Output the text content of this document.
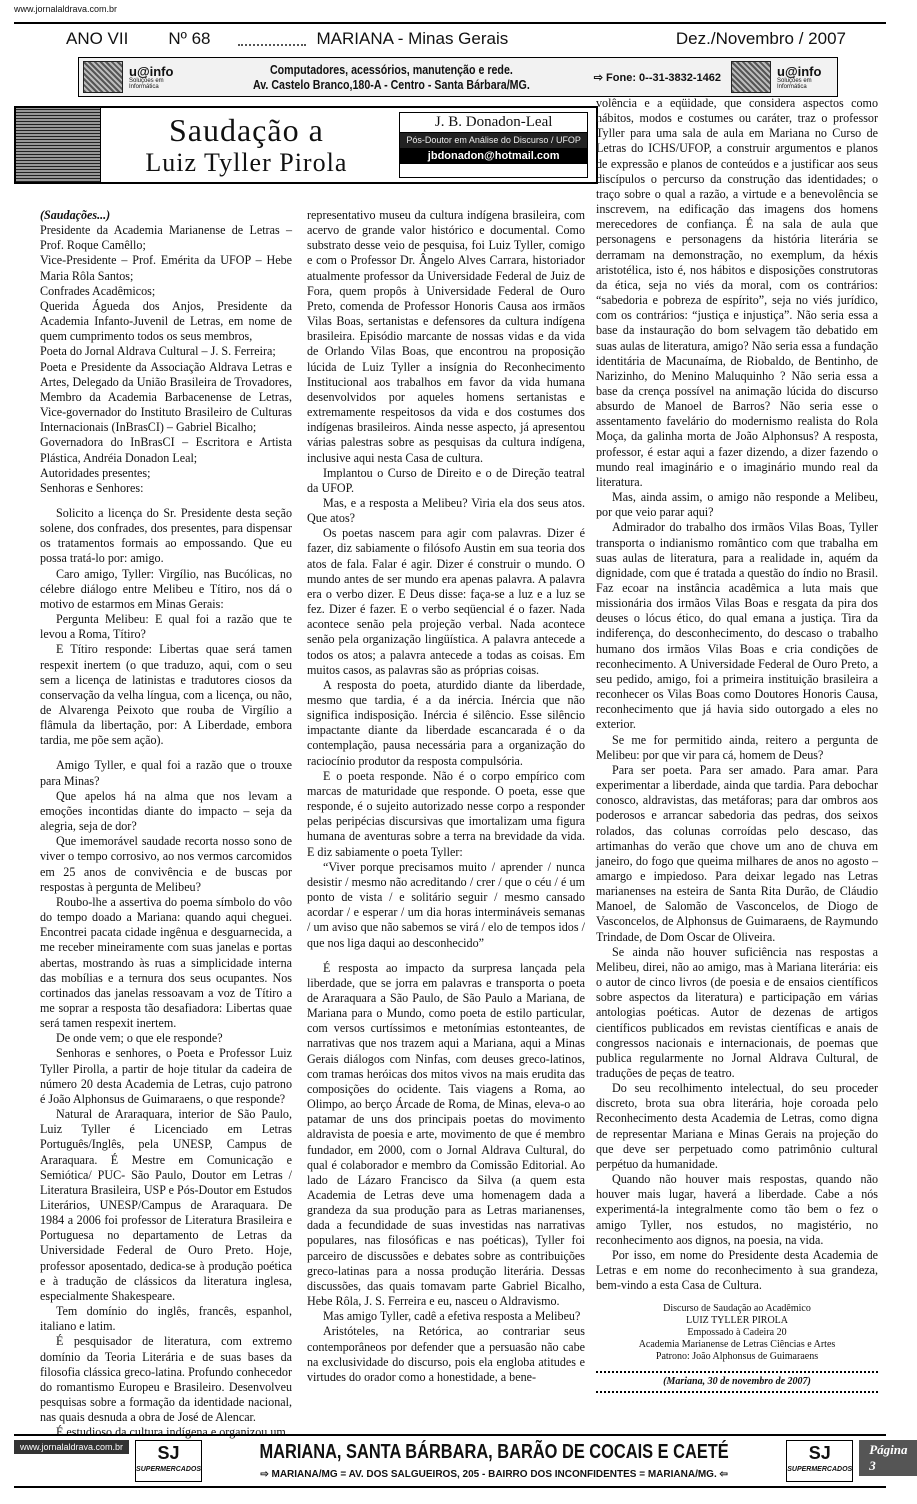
www.jornalaldrava.com.br
ANO VII Nº 68	MARIANA - Minas Gerais	Dez./Novembro / 2007
u@info
Soluções em Informática
Computadores, acessórios, manutenção e rede.
Av. Castelo Branco,180-A - Centro - Santa Bárbara/MG.	⇨ Fone: 0--31-3832-1462	u@info
Soluções em Informática
Saudação a
Luiz Tyller Pirola
J. B. Donadon-Leal
Pós-Doutor em Análise do Discurso / UFOP
jbdonadon@hotmail.com

(Saudações...)

Presidente da Academia Marianense de Letras – Prof. Roque Camêllo;

Vice-Presidente – Prof. Emérita da UFOP – Hebe Maria Rôla Santos;

Confrades Acadêmicos;

Querida Águeda dos Anjos, Presidente da Academia Infanto-Juvenil de Letras, em nome de quem cumprimento todos os seus membros,

Poeta do Jornal Aldrava Cultural – J. S. Ferreira;

Poeta e Presidente da Associação Aldrava Letras e Artes, Delegado da União Brasileira de Trovadores, Membro da Academia Barbacenense de Letras, Vice-governador do Instituto Brasileiro de Culturas Internacionais (InBrasCI) – Gabriel Bicalho;

Governadora do InBrasCI – Escritora e Artista Plástica, Andréia Donadon Leal;

Autoridades presentes;

Senhoras e Senhores:

Solicito a licença do Sr. Presidente desta seção solene, dos confrades, dos presentes, para dispensar os tratamentos formais ao empossando. Que eu possa tratá-lo por: amigo.

Caro amigo, Tyller: Virgílio, nas Bucólicas, no célebre diálogo entre Melibeu e Títiro, nos dá o motivo de estarmos em Minas Gerais:

Pergunta Melibeu: E qual foi a razão que te levou a Roma, Títiro?

E Títiro responde: Libertas quae será tamen respexit inertem (o que traduzo, aqui, com o seu sem a licença de latinistas e tradutores ciosos da conservação da velha língua, com a licença, ou não, de Alvarenga Peixoto que rouba de Virgílio a flâmula da libertação, por: A Liberdade, embora tardia, me põe sem ação).

Amigo Tyller, e qual foi a razão que o trouxe para Minas?

Que apelos há na alma que nos levam a emoções incontidas diante do impacto – seja da alegria, seja de dor?

Que imemorável saudade recorta nosso sono de viver o tempo corrosivo, ao nos vermos carcomidos em 25 anos de convivência e de buscas por respostas à pergunta de Melibeu?

Roubo-lhe a assertiva do poema símbolo do vôo do tempo doado a Mariana: quando aqui cheguei. Encontrei pacata cidade ingênua e desguarnecida, a me receber mineiramente com suas janelas e portas abertas, mostrando às ruas a simplicidade interna das mobílias e a ternura dos seus ocupantes. Nos cortinados das janelas ressoavam a voz de Títiro a me soprar a resposta tão desafiadora: Libertas quae será tamen respexit inertem.

De onde vem; o que ele responde?

Senhoras e senhores, o Poeta e Professor Luiz Tyller Pirolla, a partir de hoje titular da cadeira de número 20 desta Academia de Letras, cujo patrono é João Alphonsus de Guimaraens, o que responde?

Natural de Araraquara, interior de São Paulo, Luiz Tyller é Licenciado em Letras Português/Inglês, pela UNESP, Campus de Araraquara. É Mestre em Comunicação e Semiótica/ PUC- São Paulo, Doutor em Letras / Literatura Brasileira, USP e Pós-Doutor em Estudos Literários, UNESP/Campus de Araraquara. De 1984 a 2006 foi professor de Literatura Brasileira e Portuguesa no departamento de Letras da Universidade Federal de Ouro Preto. Hoje, professor aposentado, dedica-se à produção poética e à tradução de clássicos da literatura inglesa, especialmente Shakespeare.

Tem domínio do inglês, francês, espanhol, italiano e latim.

É pesquisador de literatura, com extremo domínio da Teoria Literária e de suas bases da filosofia clássica greco-latina. Profundo conhecedor do romantismo Europeu e Brasileiro. Desenvolveu pesquisas sobre a formação da identidade nacional, nas quais desnuda a obra de José de Alencar.

É estudioso da cultura indígena e organizou um

representativo museu da cultura indígena brasileira, com acervo de grande valor histórico e documental. Como substrato desse veio de pesquisa, foi Luiz Tyller, comigo e com o Professor Dr. Ângelo Alves Carrara, historiador atualmente professor da Universidade Federal de Juiz de Fora, quem propôs à Universidade Federal de Ouro Preto, comenda de Professor Honoris Causa aos irmãos Vilas Boas, sertanistas e defensores da cultura indígena brasileira. Episódio marcante de nossas vidas e da vida de Orlando Vilas Boas, que encontrou na proposição lúcida de Luiz Tyller a insígnia do Reconhecimento Institucional aos trabalhos em favor da vida humana desenvolvidos por aqueles homens sertanistas e extremamente respeitosos da vida e dos costumes dos indígenas brasileiros. Ainda nesse aspecto, já apresentou várias palestras sobre as pesquisas da cultura indígena, inclusive aqui nesta Casa de cultura.

Implantou o Curso de Direito e o de Direção teatral da UFOP.

Mas, e a resposta a Melibeu? Viria ela dos seus atos. Que atos?

Os poetas nascem para agir com palavras. Dizer é fazer, diz sabiamente o filósofo Austin em sua teoria dos atos de fala. Falar é agir. Dizer é construir o mundo. O mundo antes de ser mundo era apenas palavra. A palavra era o verbo dizer. E Deus disse: faça-se a luz e a luz se fez. Dizer é fazer. E o verbo seqüencial é o fazer. Nada acontece senão pela projeção verbal. Nada acontece senão pela organização lingüística. A palavra antecede a todos os atos; a palavra antecede a todas as coisas. Em muitos casos, as palavras são as próprias coisas.

A resposta do poeta, aturdido diante da liberdade, mesmo que tardia, é a da inércia. Inércia que não significa indisposição. Inércia é silêncio. Esse silêncio impactante diante da liberdade escancarada é o da contemplação, pausa necessária para a organização do raciocínio produtor da resposta compulsória.

E o poeta responde. Não é o corpo empírico com marcas de maturidade que responde. O poeta, esse que responde, é o sujeito autorizado nesse corpo a responder pelas peripécias discursivas que imortalizam uma figura humana de aventuras sobre a terra na brevidade da vida. E diz sabiamente o poeta Tyller:

“Viver porque precisamos muito / aprender / nunca desistir / mesmo não acreditando / crer / que o céu / é um ponto de vista / e solitário seguir / mesmo cansado acordar / e esperar / um dia horas intermináveis semanas / um aviso que não sabemos se virá / elo de tempos idos / que nos liga daqui ao desconhecido”

É resposta ao impacto da surpresa lançada pela liberdade, que se jorra em palavras e transporta o poeta de Araraquara a São Paulo, de São Paulo a Mariana, de Mariana para o Mundo, como poeta de estilo particular, com versos curtíssimos e metonímias estonteantes, de narrativas que nos trazem aqui a Mariana, aqui a Minas Gerais diálogos com Ninfas, com deuses greco-latinos, com tramas heróicas dos mitos vivos na mais erudita das composições do ocidente. Tais viagens a Roma, ao Olimpo, ao berço Árcade de Roma, de Minas, eleva-o ao patamar de uns dos principais poetas do movimento aldravista de poesia e arte, movimento de que é membro fundador, em 2000, com o Jornal Aldrava Cultural, do qual é colaborador e membro da Comissão Editorial. Ao lado de Lázaro Francisco da Silva (a quem esta Academia de Letras deve uma homenagem dada a grandeza da sua produção para as Letras marianenses, dada a fecundidade de suas investidas nas narrativas populares, nas filosóficas e nas poéticas), Tyller foi parceiro de discussões e debates sobre as contribuições greco-latinas para a nossa produção literária. Dessas discussões, das quais tomavam parte Gabriel Bicalho, Hebe Rôla, J. S. Ferreira e eu, nasceu o Aldravismo.

Mas amigo Tyller, cadê a efetiva resposta a Melibeu?

Aristóteles, na Retórica, ao contrariar seus contemporâneos por defender que a persuasão não cabe na exclusividade do discurso, pois ela engloba atitudes e virtudes do orador como a honestidade, a bene-

volência e a eqüidade, que considera aspectos como hábitos, modos e costumes ou caráter, traz o professor Tyller para uma sala de aula em Mariana no Curso de Letras do ICHS/UFOP, a construir argumentos e planos de expressão e planos de conteúdos e a justificar aos seus discípulos o percurso da construção das identidades; o traço sobre o qual a razão, a virtude e a benevolência se inscrevem, na edificação das imagens dos homens merecedores de confiança. É na sala de aula que personagens e personagens da história literária se derramam na demonstração, no exemplum, da héxis aristotélica, isto é, nos hábitos e disposições construtoras da ética, seja no viés da moral, com os contrários: “sabedoria e pobreza de espírito”, seja no viés jurídico, com os contrários: “justiça e injustiça”. Não seria essa a base da instauração do bom selvagem tão debatido em suas aulas de literatura, amigo? Não seria essa a fundação identitária de Macunaíma, de Riobaldo, de Bentinho, de Narizinho, do Menino Maluquinho ? Não seria essa a base da crença possível na animação lúcida do discurso absurdo de Manoel de Barros? Não seria esse o assentamento favelário do modernismo realista do Rola Moça, da galinha morta de João Alphonsus? A resposta, professor, é estar aqui a fazer dizendo, a dizer fazendo o mundo real imaginário e o imaginário mundo real da literatura.

Mas, ainda assim, o amigo não responde a Melibeu, por que veio parar aqui?

Admirador do trabalho dos irmãos Vilas Boas, Tyller transporta o indianismo romântico com que trabalha em suas aulas de literatura, para a realidade in, aquém da dignidade, com que é tratada a questão do índio no Brasil. Faz ecoar na instância acadêmica a luta mais que missionária dos irmãos Vilas Boas e resgata da pira dos deuses o lócus ético, do qual emana a justiça. Tira da indiferença, do desconhecimento, do descaso o trabalho humano dos irmãos Vilas Boas e cria condições de reconhecimento. A Universidade Federal de Ouro Preto, a seu pedido, amigo, foi a primeira instituição brasileira a reconhecer os Vilas Boas como Doutores Honoris Causa, reconhecimento que já havia sido outorgado a eles no exterior.

Se me for permitido ainda, reitero a pergunta de Melibeu: por que vir para cá, homem de Deus?

Para ser poeta. Para ser amado. Para amar. Para experimentar a liberdade, ainda que tardia. Para debochar conosco, aldravistas, das metáforas; para dar ombros aos poderosos e arrancar sabedoria das pedras, dos seixos rolados, das colunas corroídas pelo descaso, das artimanhas do verão que chove um ano de chuva em janeiro, do fogo que queima milhares de anos no agosto – amargo e impiedoso. Para deixar legado nas Letras marianenses na esteira de Santa Rita Durão, de Cláudio Manoel, de Salomão de Vasconcelos, de Diogo de Vasconcelos, de Alphonsus de Guimaraens, de Raymundo Trindade, de Dom Oscar de Oliveira.

Se ainda não houver suficiência nas respostas a Melibeu, direi, não ao amigo, mas à Mariana literária: eis o autor de cinco livros (de poesia e de ensaios científicos sobre aspectos da literatura) e participação em várias antologias poéticas. Autor de dezenas de artigos científicos publicados em revistas científicas e anais de congressos nacionais e internacionais, de poemas que publica regularmente no Jornal Aldrava Cultural, de traduções de peças de teatro.

Do seu recolhimento intelectual, do seu proceder discreto, brota sua obra literária, hoje coroada pelo Reconhecimento desta Academia de Letras, como digna de representar Mariana e Minas Gerais na projeção do que deve ser perpetuado como patrimônio cultural perpétuo da humanidade.

Quando não houver mais respostas, quando não houver mais lugar, haverá a liberdade. Cabe a nós experimentá-la integralmente como tão bem o fez o amigo Tyller, nos estudos, no magistério, no reconhecimento aos dignos, na poesia, na vida.

Por isso, em nome do Presidente desta Academia de Letras e em nome do reconhecimento à sua grandeza, bem-vindo a esta Casa de Cultura.

Discurso de Saudação ao Acadêmico
LUIZ TYLLER PIROLA
Empossado à Cadeira 20
Academia Marianense de Letras Ciências e Artes
Patrono: João Alphonsus de Guimaraens
(Mariana, 30 de novembro de 2007)
www.jornalaldrava.com.br	SJ
SUPERMERCADOS
MARIANA, SANTA BÁRBARA, BARÃO DE COCAIS E CAETÉ
⇨ MARIANA/MG = AV. DOS SALGUEIROS, 205 - BAIRRO DOS INCONFIDENTES = MARIANA/MG. ⇦
SJ
SUPERMERCADOS
Página 3
